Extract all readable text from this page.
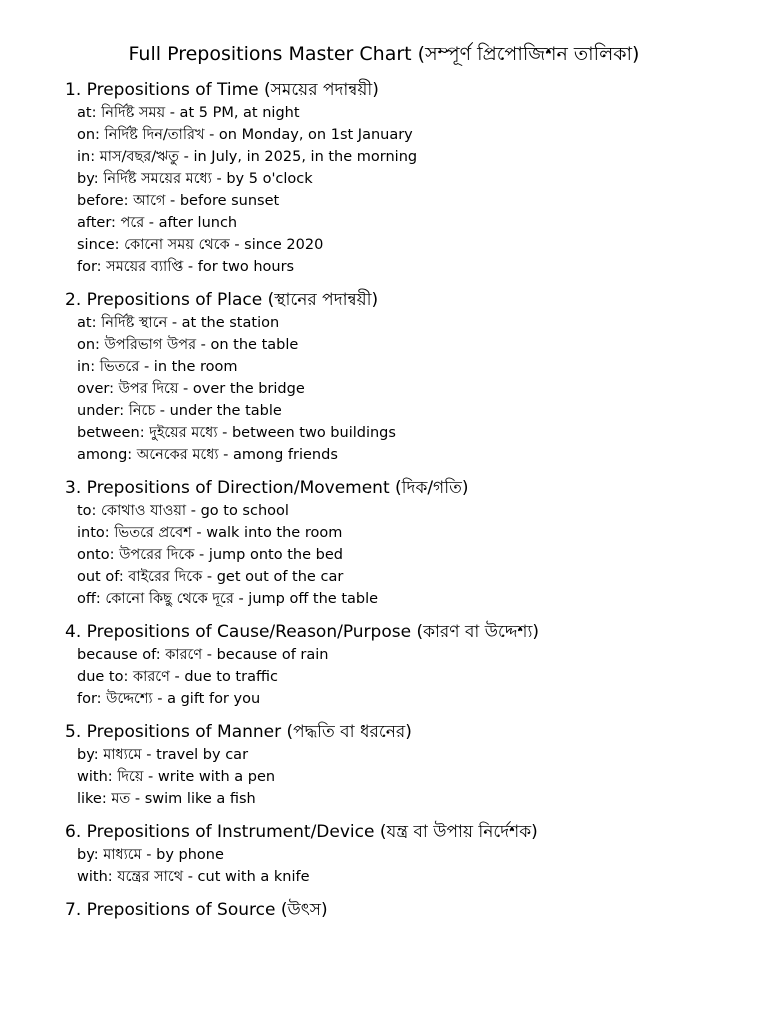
Full Prepositions Master Chart (সম্পূর্ণ প্রিপোজিশন তালিকা)
1. Prepositions of Time (সময়ের পদান্বয়ী)
at: নির্দিষ্ট সময় - at 5 PM, at night
on: নির্দিষ্ট দিন/তারিখ - on Monday, on 1st January
in: মাস/বছর/ঋতু - in July, in 2025, in the morning
by: নির্দিষ্ট সময়ের মধ্যে - by 5 o'clock
before: আগে - before sunset
after: পরে - after lunch
since: কোনো সময় থেকে - since 2020
for: সময়ের ব্যাপ্তি - for two hours
2. Prepositions of Place (স্থানের পদান্বয়ী)
at: নির্দিষ্ট স্থানে - at the station
on: উপরিভাগ উপর - on the table
in: ভিতরে - in the room
over: উপর দিয়ে - over the bridge
under: নিচে - under the table
between: দুইয়ের মধ্যে - between two buildings
among: অনেকের মধ্যে - among friends
3. Prepositions of Direction/Movement (দিক/গতি)
to: কোথাও যাওয়া - go to school
into: ভিতরে প্রবেশ - walk into the room
onto: উপরের দিকে - jump onto the bed
out of: বাইরের দিকে - get out of the car
off: কোনো কিছু থেকে দূরে - jump off the table
4. Prepositions of Cause/Reason/Purpose (কারণ বা উদ্দেশ্য)
because of: কারণে - because of rain
due to: কারণে - due to traffic
for: উদ্দেশ্যে - a gift for you
5. Prepositions of Manner (পদ্ধতি বা ধরনের)
by: মাধ্যমে - travel by car
with: দিয়ে - write with a pen
like: মত - swim like a fish
6. Prepositions of Instrument/Device (যন্ত্র বা উপায় নির্দেশক)
by: মাধ্যমে - by phone
with: যন্ত্রের সাথে - cut with a knife
7. Prepositions of Source (উৎস)
